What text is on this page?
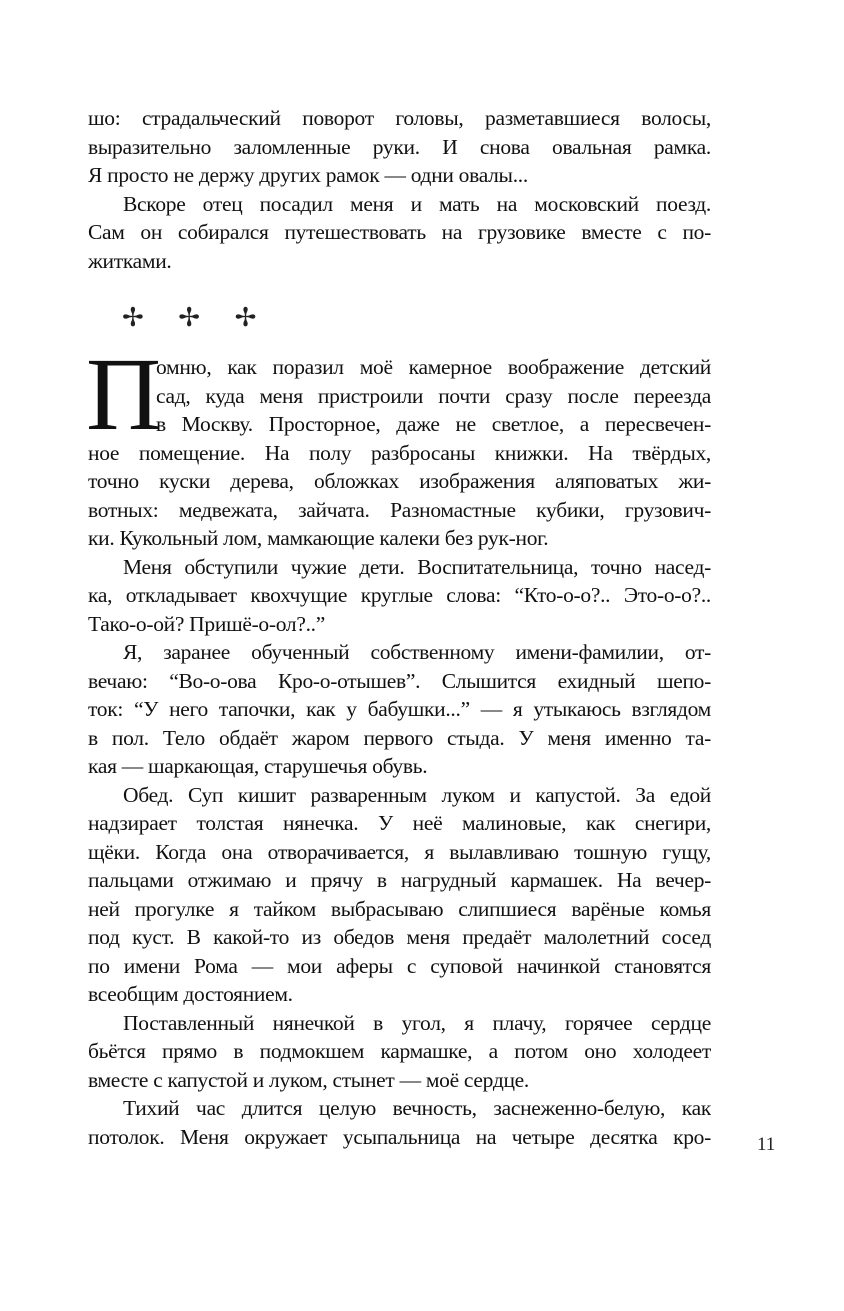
шо: страдальческий поворот головы, разметавшиеся волосы,
выразительно заломленные руки. И снова овальная рамка.
Я просто не держу других рамок — одни овалы...
Вскоре отец посадил меня и мать на московский поезд.
Сам он собирался путешествовать на грузовике вместе с по-
житками.
✢ ✢ ✢
П
омню, как поразил моё камерное воображение детский
сад, куда меня пристроили почти сразу после переезда
в Москву. Просторное, даже не светлое, а пересвечен-
ное помещение. На полу разбросаны книжки. На твёрдых,
точно куски дерева, обложках изображения аляповатых жи-
вотных: медвежата, зайчата. Разномастные кубики, грузович-
ки. Кукольный лом, мамкающие калеки без рук-ног.
Меня обступили чужие дети. Воспитательница, точно насед-
ка, откладывает квохчущие круглые слова: “Кто-о-о?.. Это-о-о?..
Тако-о-ой? Пришё-о-ол?..”
Я, заранее обученный собственному имени-фамилии, от-
вечаю: “Во-о-ова Кро-о-отышев”. Слышится ехидный шепо-
ток: “У него тапочки, как у бабушки...” — я утыкаюсь взглядом
в пол. Тело обдаёт жаром первого стыда. У меня именно та-
кая — шаркающая, старушечья обувь.
Обед. Суп кишит разваренным луком и капустой. За едой
надзирает толстая нянечка. У неё малиновые, как снегири,
щёки. Когда она отворачивается, я вылавливаю тошную гущу,
пальцами отжимаю и прячу в нагрудный кармашек. На вечер-
ней прогулке я тайком выбрасываю слипшиеся варёные комья
под куст. В какой-то из обедов меня предаёт малолетний сосед
по имени Рома — мои аферы с суповой начинкой становятся
всеобщим достоянием.
Поставленный нянечкой в угол, я плачу, горячее сердце
бьётся прямо в подмокшем кармашке, а потом оно холодеет
вместе с капустой и луком, стынет — моё сердце.
Тихий час длится целую вечность, заснеженно-белую, как
потолок. Меня окружает усыпальница на четыре десятка кро- 11
